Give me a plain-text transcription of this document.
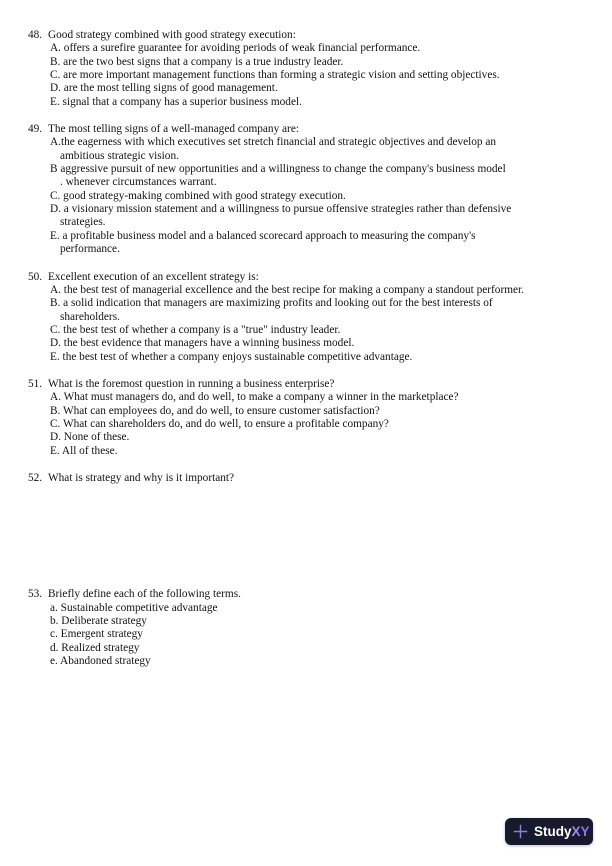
48. Good strategy combined with good strategy execution:
A. offers a surefire guarantee for avoiding periods of weak financial performance.
B. are the two best signs that a company is a true industry leader.
C. are more important management functions than forming a strategic vision and setting objectives.
D. are the most telling signs of good management.
E. signal that a company has a superior business model.
49. The most telling signs of a well-managed company are:
A.the eagerness with which executives set stretch financial and strategic objectives and develop an
ambitious strategic vision.
B aggressive pursuit of new opportunities and a willingness to change the company's business model
. whenever circumstances warrant.
C. good strategy-making combined with good strategy execution.
D. a visionary mission statement and a willingness to pursue offensive strategies rather than defensive
strategies.
E. a profitable business model and a balanced scorecard approach to measuring the company's
performance.
50. Excellent execution of an excellent strategy is:
A. the best test of managerial excellence and the best recipe for making a company a standout performer.
B. a solid indication that managers are maximizing profits and looking out for the best interests of
shareholders.
C. the best test of whether a company is a "true" industry leader.
D. the best evidence that managers have a winning business model.
E. the best test of whether a company enjoys sustainable competitive advantage.
51. What is the foremost question in running a business enterprise?
A. What must managers do, and do well, to make a company a winner in the marketplace?
B. What can employees do, and do well, to ensure customer satisfaction?
C. What can shareholders do, and do well, to ensure a profitable company?
D. None of these.
E. All of these.
52. What is strategy and why is it important?
53. Briefly define each of the following terms.
a. Sustainable competitive advantage
b. Deliberate strategy
c. Emergent strategy
d. Realized strategy
e. Abandoned strategy
StudyXY
